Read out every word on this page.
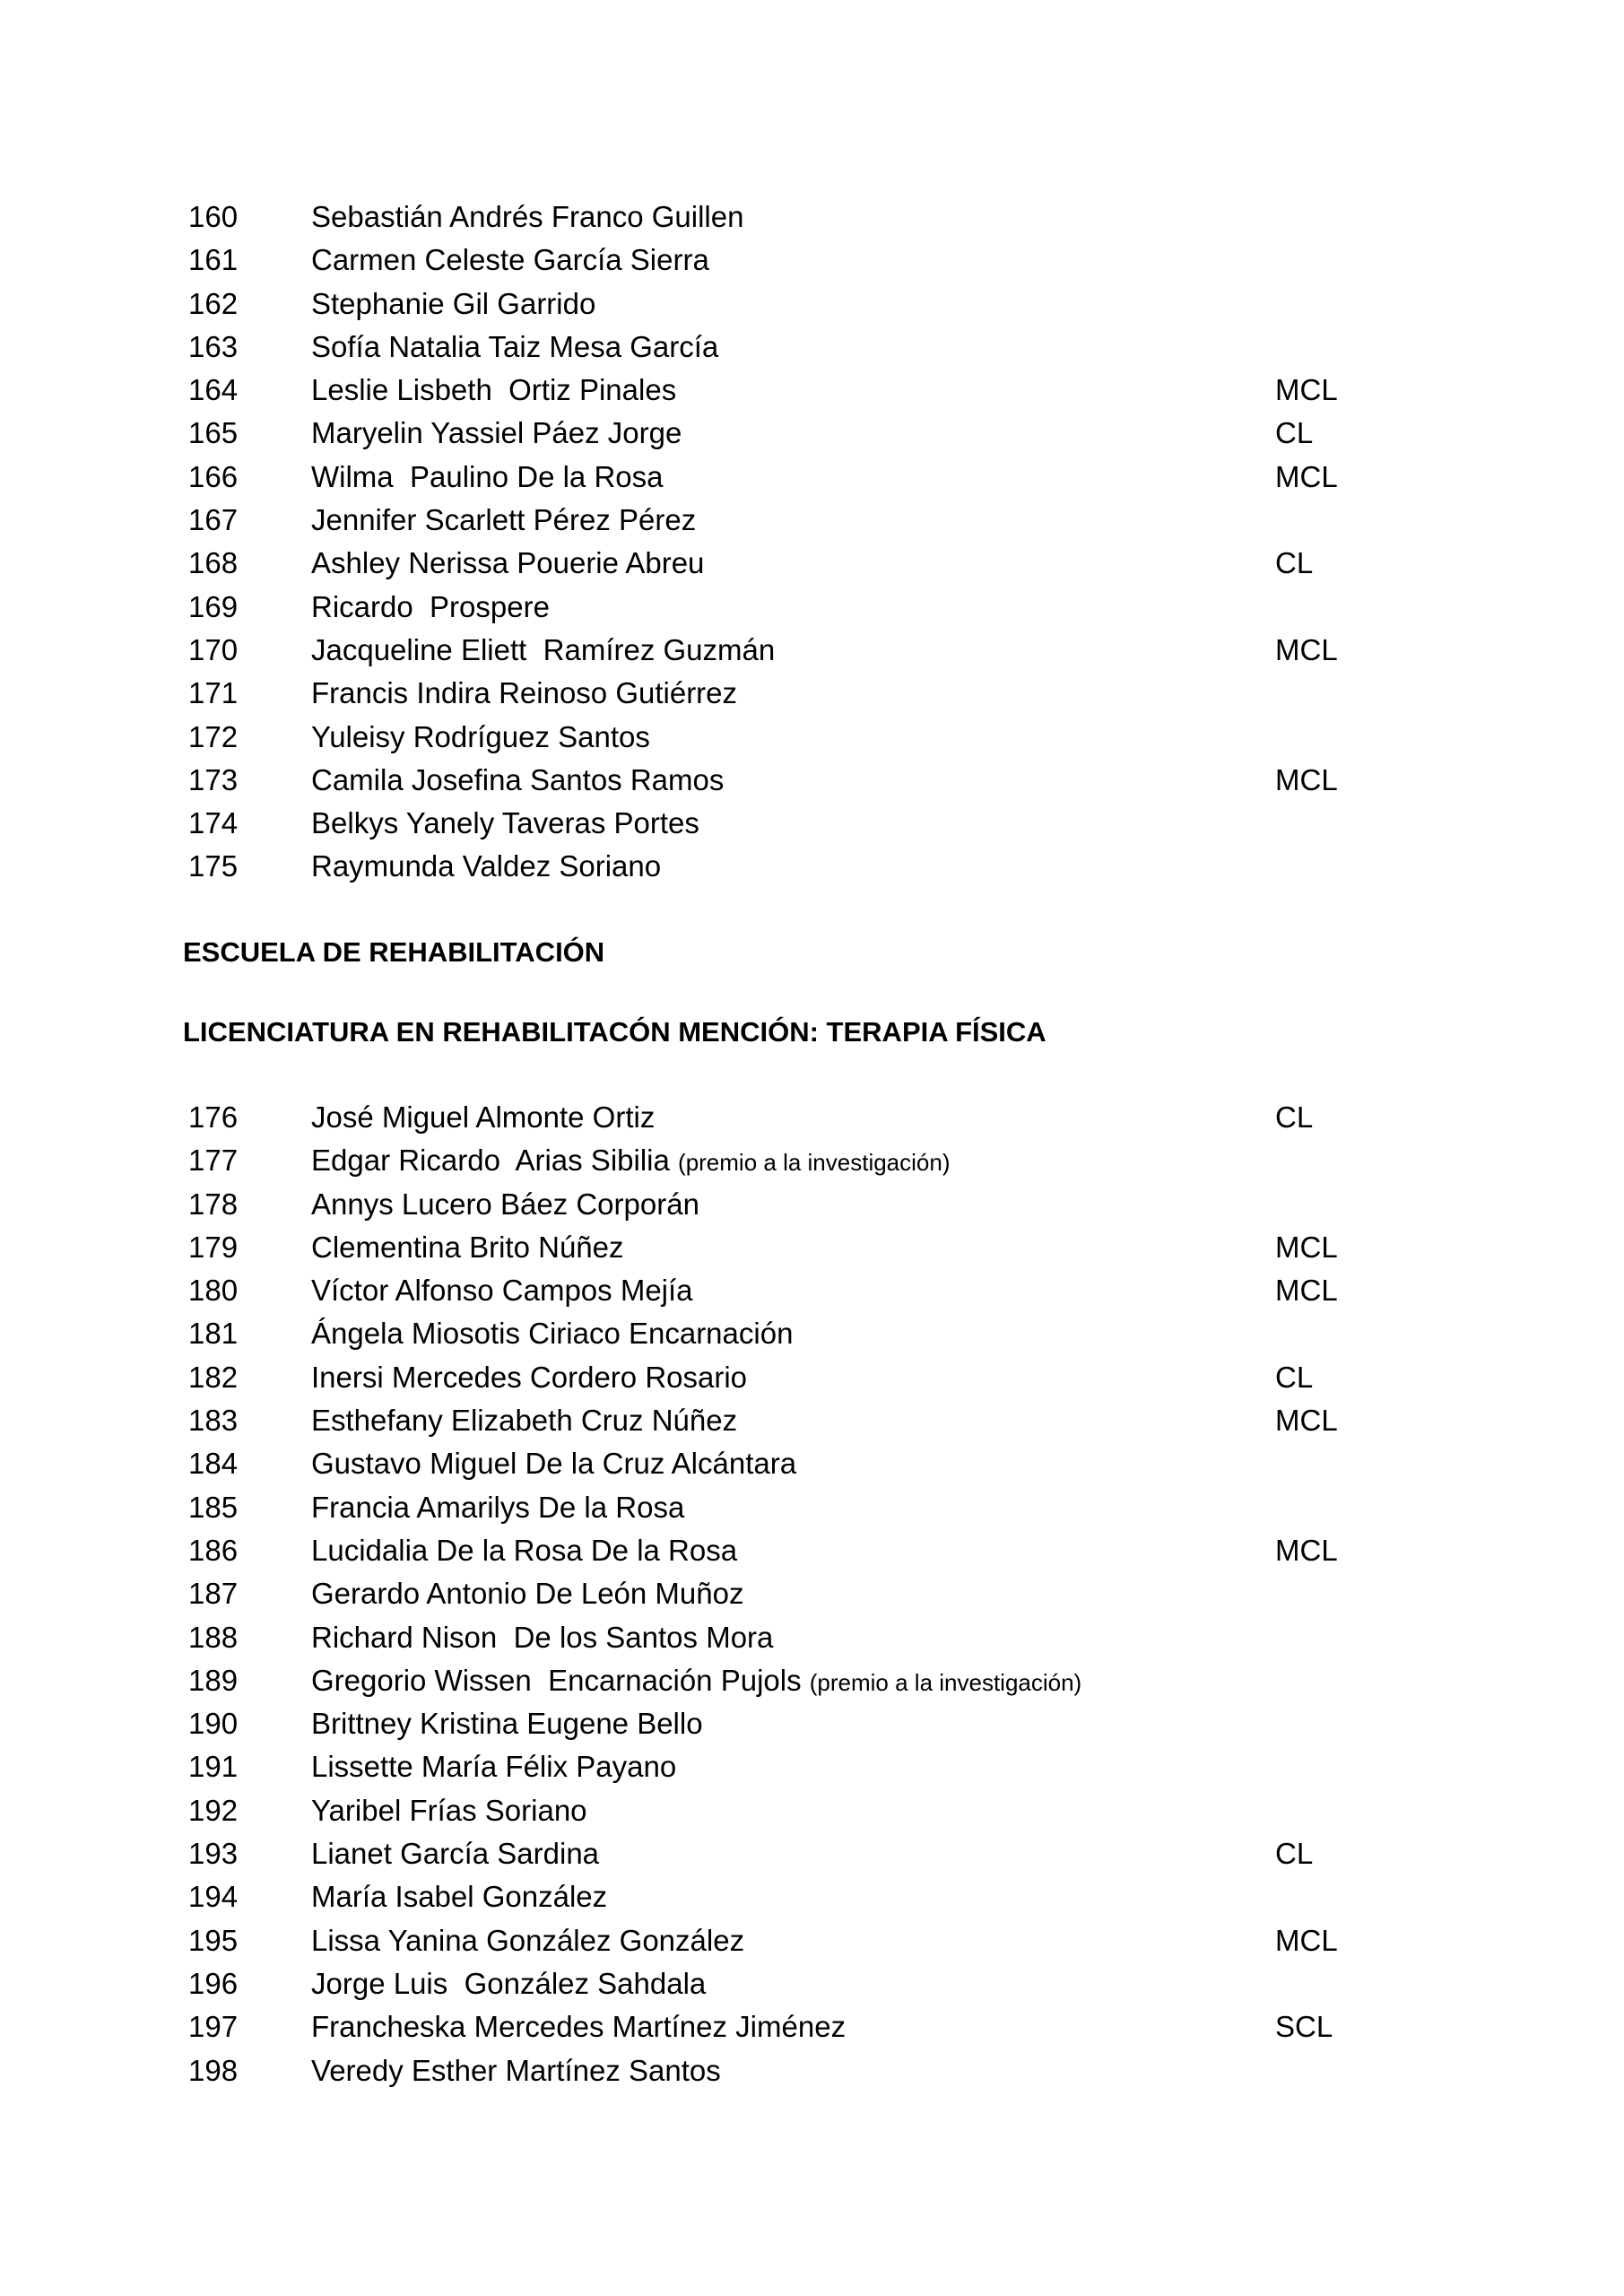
160 Sebastián Andrés Franco Guillen
161 Carmen Celeste García Sierra
162 Stephanie Gil Garrido
163 Sofía Natalia Taiz Mesa García
164 Leslie Lisbeth  Ortiz Pinales	MCL
165 Maryelin Yassiel Páez Jorge	CL
166 Wilma  Paulino De la Rosa	MCL
167 Jennifer Scarlett Pérez Pérez
168 Ashley Nerissa Pouerie Abreu	CL
169 Ricardo  Prospere
170 Jacqueline Eliett  Ramírez Guzmán	MCL
171 Francis Indira Reinoso Gutiérrez
172 Yuleisy Rodríguez Santos
173 Camila Josefina Santos Ramos	MCL
174 Belkys Yanely Taveras Portes
175 Raymunda Valdez Soriano
ESCUELA DE REHABILITACIÓN
LICENCIATURA EN REHABILITACÓN MENCIÓN: TERAPIA FÍSICA
176 José Miguel Almonte Ortiz	CL
177 Edgar Ricardo  Arias Sibilia (premio a la investigación)
178 Annys Lucero Báez Corporán
179 Clementina Brito Núñez	MCL
180 Víctor Alfonso Campos Mejía	MCL
181 Ángela Miosotis Ciriaco Encarnación
182 Inersi Mercedes Cordero Rosario	CL
183 Esthefany Elizabeth Cruz Núñez	MCL
184 Gustavo Miguel De la Cruz Alcántara
185 Francia Amarilys De la Rosa
186 Lucidalia De la Rosa De la Rosa	MCL
187 Gerardo Antonio De León Muñoz
188 Richard Nison  De los Santos Mora
189 Gregorio Wissen  Encarnación Pujols (premio a la investigación)
190 Brittney Kristina Eugene Bello
191 Lissette María Félix Payano
192 Yaribel Frías Soriano
193 Lianet García Sardina	CL
194 María Isabel González
195 Lissa Yanina González González	MCL
196 Jorge Luis  González Sahdala
197 Francheska Mercedes Martínez Jiménez	SCL
198 Veredy Esther Martínez Santos
